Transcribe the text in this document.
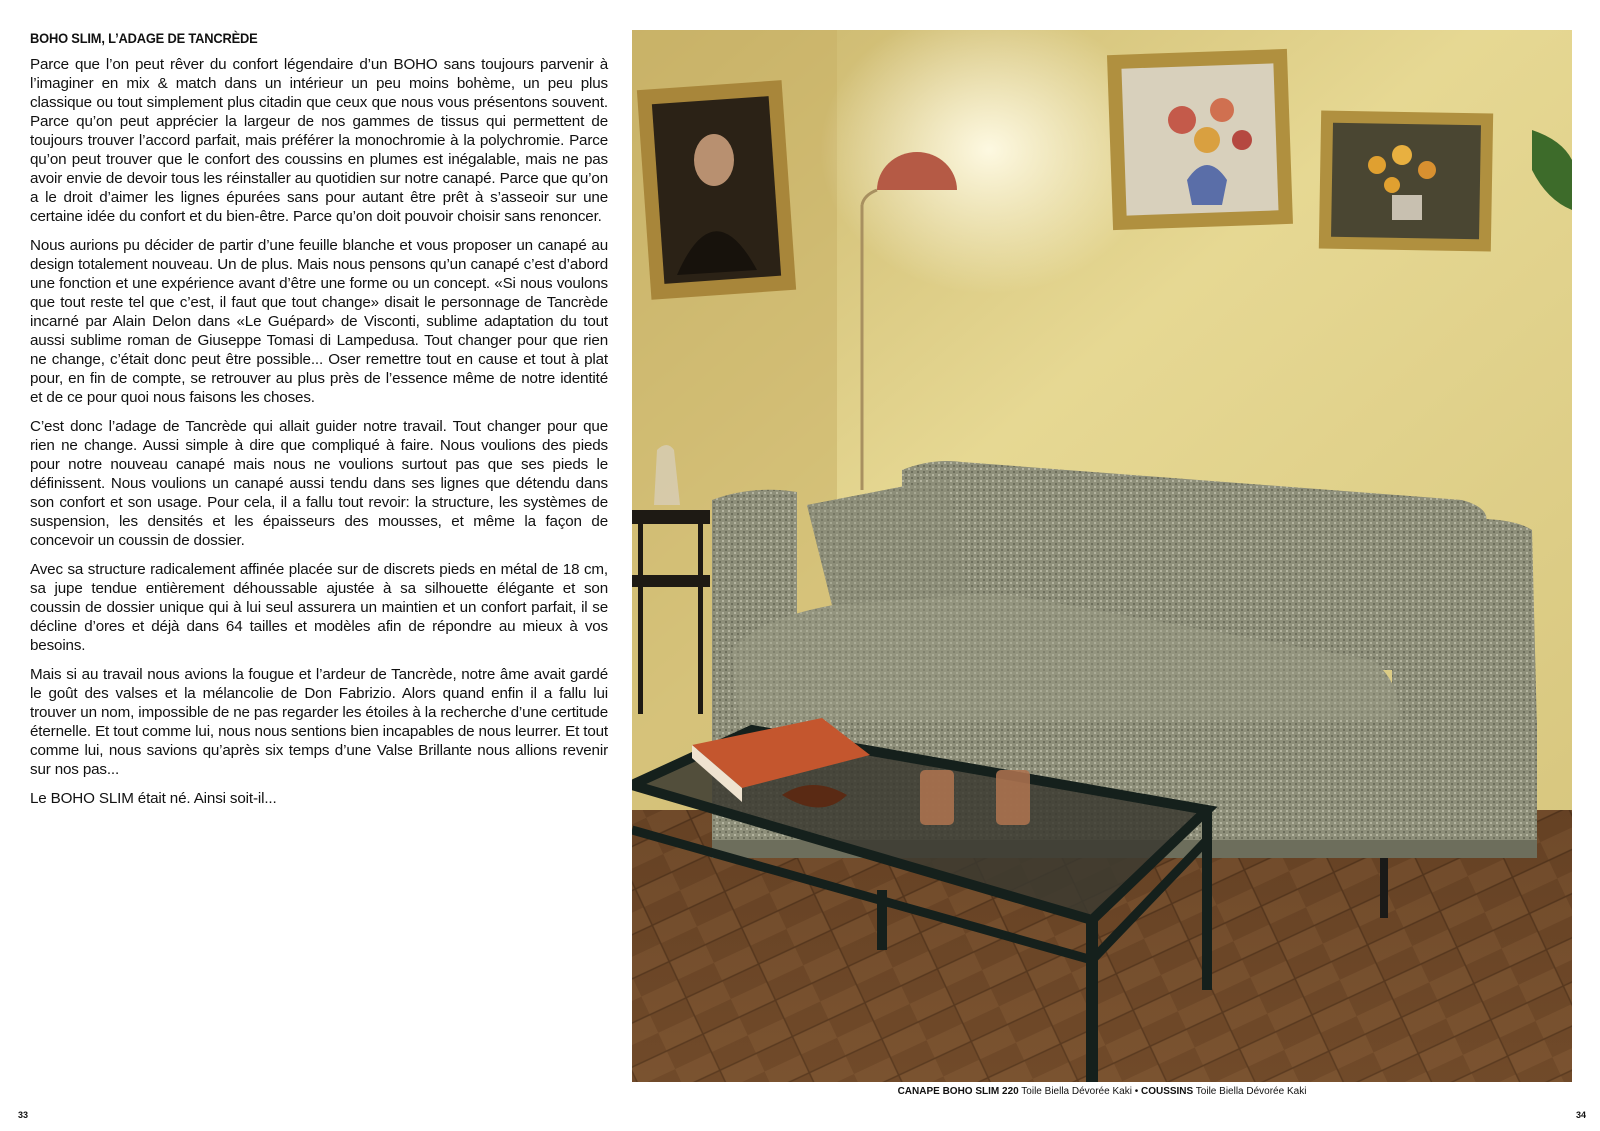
BOHO SLIM, L’ADAGE DE TANCRÈDE

Parce que l’on peut rêver du confort légendaire d’un BOHO sans toujours parvenir à l’imaginer en mix & match dans un intérieur un peu moins bohème, un peu plus classique ou tout simplement plus citadin que ceux que nous vous présentons souvent. Parce qu’on peut apprécier la largeur de nos gammes de tissus qui permettent de toujours trouver l’accord parfait, mais préférer la monochromie à la polychromie. Parce qu’on peut trouver que le confort des coussins en plumes est inégalable, mais ne pas avoir envie de devoir tous les réinstaller au quotidien sur notre canapé. Parce que qu’on a le droit d’aimer les lignes épurées sans pour autant être prêt à s’asseoir sur une certaine idée du confort et du bien-être. Parce qu’on doit pouvoir choisir sans renoncer.

Nous aurions pu décider de partir d’une feuille blanche et vous proposer un canapé au design totalement nouveau. Un de plus. Mais nous pensons qu’un canapé c’est d’abord une fonction et une expérience avant d’être une forme ou un concept. «Si nous voulons que tout reste tel que c’est, il faut que tout change» disait le personnage de Tancrède incarné par Alain Delon dans «Le Guépard» de Visconti, sublime adaptation du tout aussi sublime roman de Giuseppe Tomasi di Lampedusa. Tout changer pour que rien ne change, c’était donc peut être possible... Oser remettre tout en cause et tout à plat pour, en fin de compte, se retrouver au plus près de l’essence même de notre identité et de ce pour quoi nous faisons les choses.

C’est donc l’adage de Tancrède qui allait guider notre travail. Tout changer pour que rien ne change. Aussi simple à dire que compliqué à faire. Nous voulions des pieds pour notre nouveau canapé mais nous ne voulions surtout pas que ses pieds le définissent. Nous voulions un canapé aussi tendu dans ses lignes que détendu dans son confort et son usage. Pour cela, il a fallu tout revoir: la structure, les systèmes de suspension, les densités et les épaisseurs des mousses, et même la façon de concevoir un coussin de dossier.

Avec sa structure radicalement affinée placée sur de discrets pieds en métal de 18 cm, sa jupe tendue entièrement déhoussable ajustée à sa silhouette élégante et son coussin de dossier unique qui à lui seul assurera un maintien et un confort parfait, il se décline d’ores et déjà dans 64 tailles et modèles afin de répondre au mieux à vos besoins.

Mais si au travail nous avions la fougue et l’ardeur de Tancrède, notre âme avait gardé le goût des valses et la mélancolie de Don Fabrizio. Alors quand enfin il a fallu lui trouver un nom, impossible de ne pas regarder les étoiles à la recherche d’une certitude éternelle. Et tout comme lui, nous nous sentions bien incapables de nous leurrer. Et tout comme lui, nous savions qu’après six temps d’une Valse Brillante nous allions revenir sur nos pas...

Le BOHO SLIM était né. Ainsi soit-il...

CANAPE BOHO SLIM 220 Toile Biella Dévorée Kaki • COUSSINS Toile Biella Dévorée Kaki
33	34
